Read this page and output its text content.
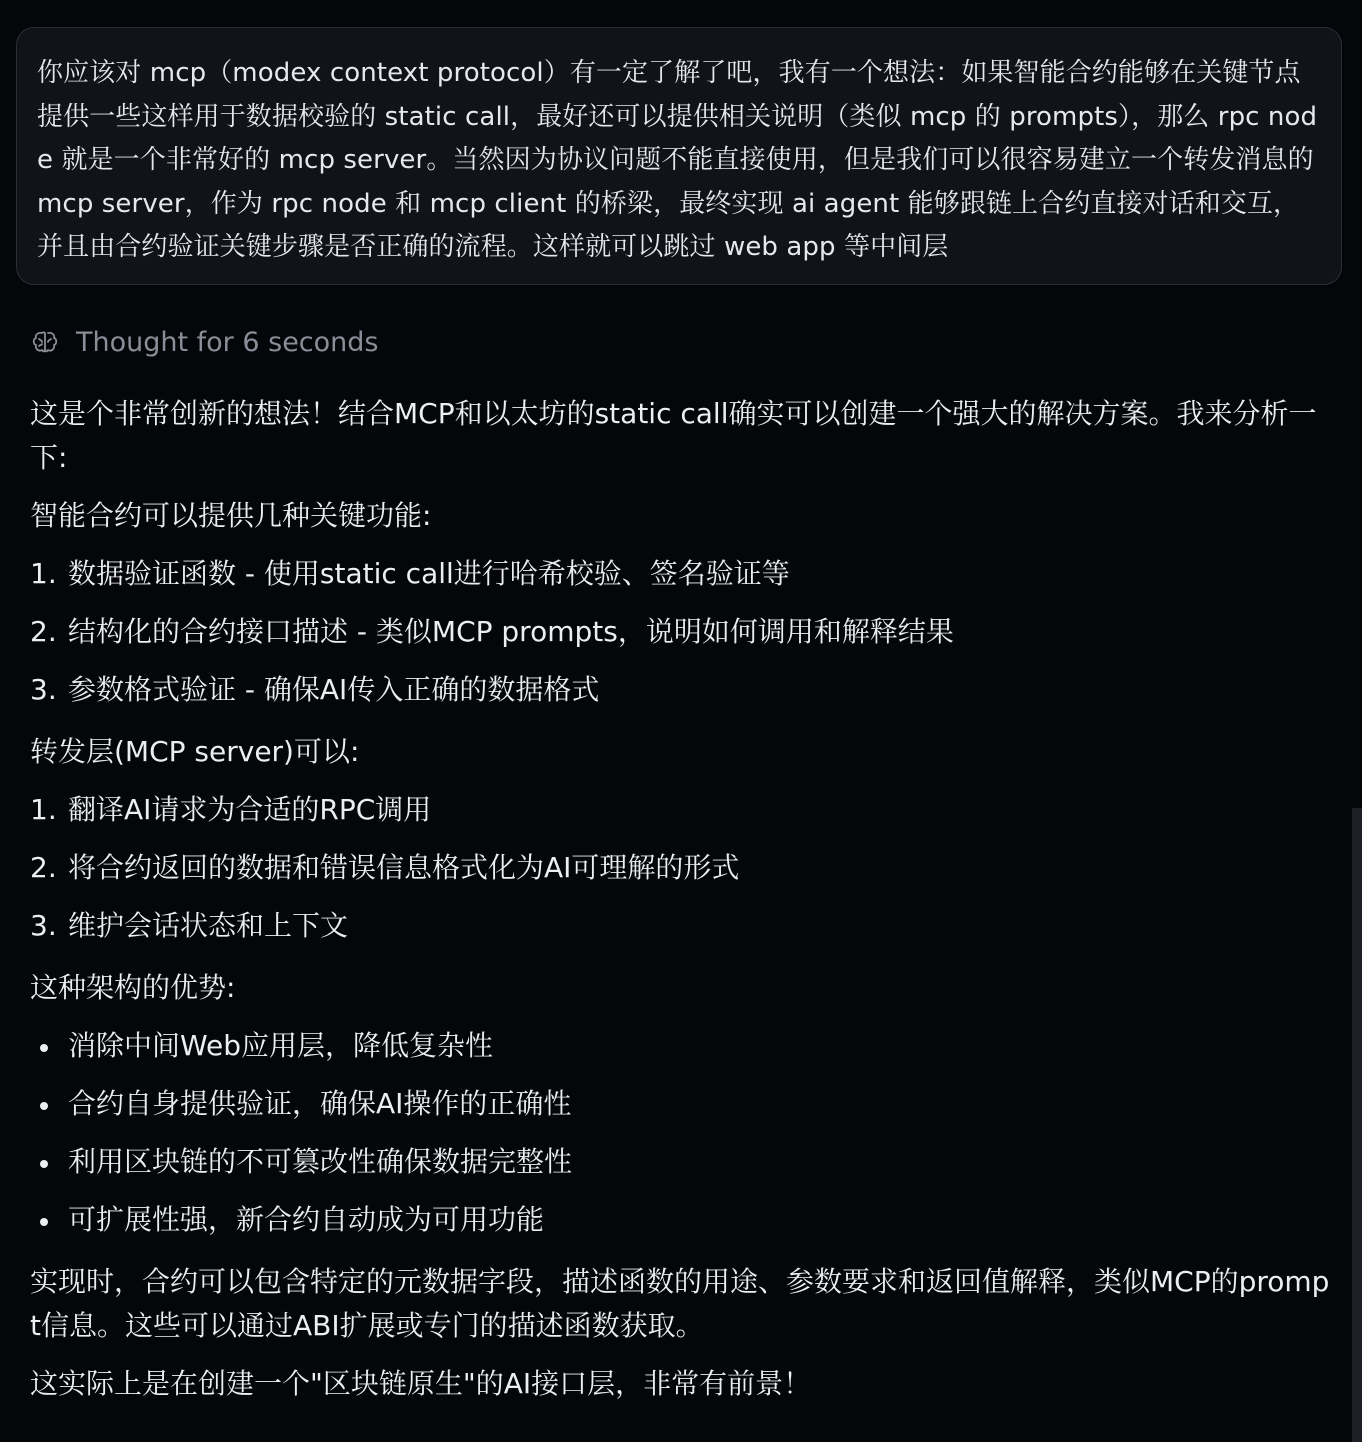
你应该对 mcp（modex context protocol）有一定了解了吧，我有一个想法：如果智能合约能够在关键节点提供一些这样用于数据校验的 static call，最好还可以提供相关说明（类似 mcp 的 prompts），那么 rpc node 就是一个非常好的 mcp server。当然因为协议问题不能直接使用，但是我们可以很容易建立一个转发消息的 mcp server，作为 rpc node 和 mcp client 的桥梁，最终实现 ai agent 能够跟链上合约直接对话和交互，并且由合约验证关键步骤是否正确的流程。这样就可以跳过 web app 等中间层

Thought for 6 seconds

这是个非常创新的想法！结合MCP和以太坊的static call确实可以创建一个强大的解决方案。我来分析一下:

智能合约可以提供几种关键功能:

1. 数据验证函数 - 使用static call进行哈希校验、签名验证等
2. 结构化的合约接口描述 - 类似MCP prompts，说明如何调用和解释结果
3. 参数格式验证 - 确保AI传入正确的数据格式

转发层(MCP server)可以:

1. 翻译AI请求为合适的RPC调用
2. 将合约返回的数据和错误信息格式化为AI可理解的形式
3. 维护会话状态和上下文

这种架构的优势:

消除中间Web应用层，降低复杂性
合约自身提供验证，确保AI操作的正确性
利用区块链的不可篡改性确保数据完整性
可扩展性强，新合约自动成为可用功能

实现时，合约可以包含特定的元数据字段，描述函数的用途、参数要求和返回值解释，类似MCP的prompt信息。这些可以通过ABI扩展或专门的描述函数获取。

这实际上是在创建一个"区块链原生"的AI接口层，非常有前景！
